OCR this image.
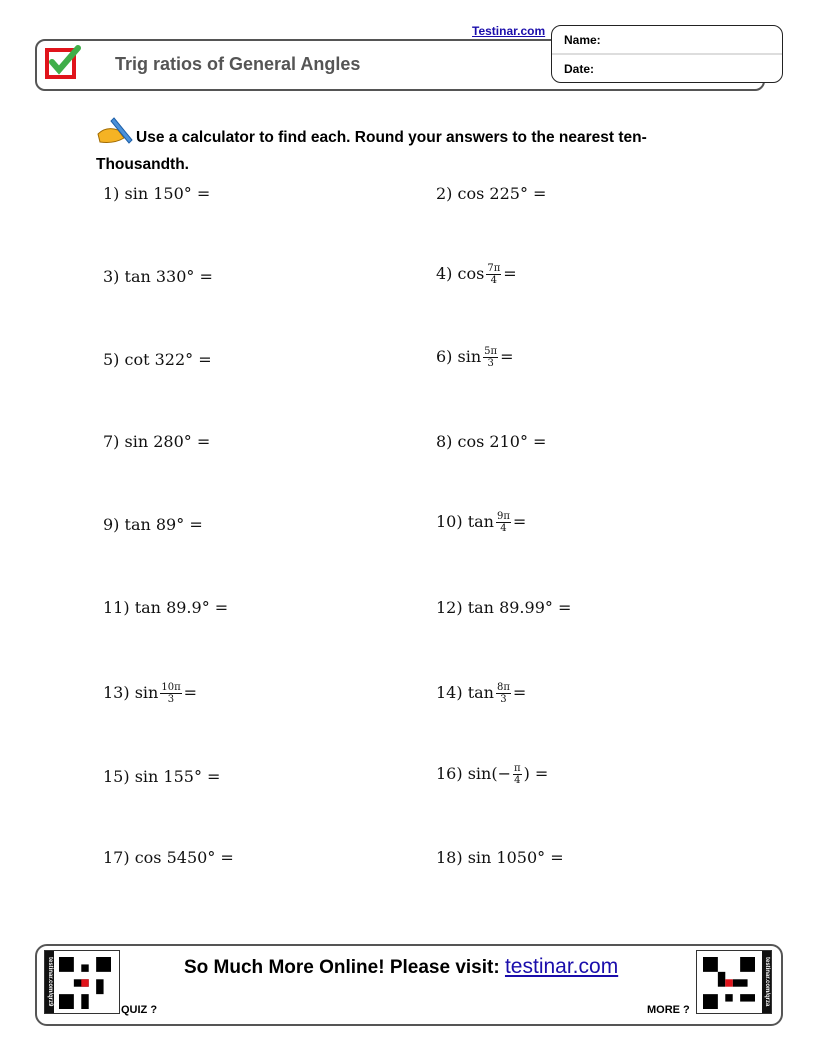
Trig ratios of General Angles
Testinar.com
Name:
Date:
Use a calculator to find each. Round your answers to the nearest ten-Thousandth.
1) sin 150° =	2) cos 225° =
3) tan 330° =	4) $\cos \frac{7\pi}{4}$ =
5) cot 322° =	6) $\sin \frac{5\pi}{3}$ =
7) sin 280° =	8) cos 210° =
9) tan 89° =	10) $\tan \frac{9\pi}{4}$ =
11) tan 89.9° =	12) tan 89.99° =
13) $\sin \frac{10\pi}{3}$ =	14) $\tan \frac{8\pi}{3}$ =
15) sin 155° =	16) $\sin(- \frac{\pi}{4}$ ) =
17) cos 5450° =	18) sin 1050° =
testinar.com/qrz9	testinar.com/qrza
So Much More Online! Please visit: testinar.com
QUIZ ?	MORE ?
